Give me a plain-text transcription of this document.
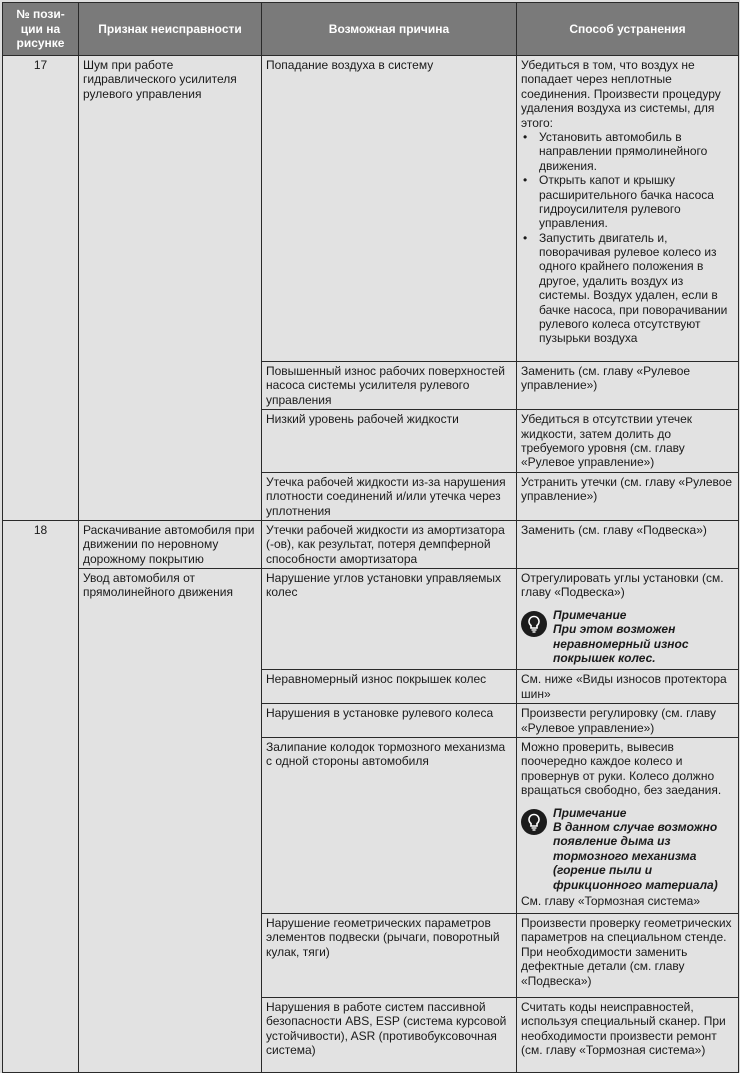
№ пози-ции на рисунке	Признак неисправности	Возможная причина	Способ устранения
17	Шум при работе гидравлического усилителя рулевого управления	Попадание воздуха в систему	Убедиться в том, что воздух не попадает через неплотные соединения. Произвести процедуру удаления воздуха из системы, для этого:

• Установить автомобиль в направлении прямолинейного движения.
• Открыть капот и крышку расширительного бачка насоса гидроусилителя рулевого управления.
• Запустить двигатель и, поворачивая рулевое колесо из одного крайнего положения в другое, удалить воздух из системы. Воздух удален, если в бачке насоса, при поворачивании рулевого колеса отсутствуют пузырьки воздуха

		Повышенный износ рабочих поверхностей насоса системы усилителя рулевого управления	Заменить (см. главу «Рулевое управление»)
		Низкий уровень рабочей жидкости	Убедиться в отсутствии утечек жидкости, затем долить до требуемого уровня (см. главу «Рулевое управление»)
		Утечка рабочей жидкости из-за нарушения плотности соединений и/или утечка через уплотнения	Устранить утечки (см. главу «Рулевое управление»)
18	Раскачивание автомобиля при движении по неровному дорожному покрытию	Утечки рабочей жидкости из амортизатора (-ов), как результат, потеря демпферной способности амортизатора	Заменить (см. главу «Подвеска»)
	Увод автомобиля от прямолинейного движения	Нарушение углов установки управляемых колес	Отрегулировать углы установки (см. главу «Подвеска»)

Примечание
При этом возможен неравномерный износ покрышек колес.

		Неравномерный износ покрышек колес	См. ниже «Виды износов протектора шин»
		Нарушения в установке рулевого колеса	Произвести регулировку (см. главу «Рулевое управление»)
		Залипание колодок тормозного механизма с одной стороны автомобиля	Можно проверить, вывесив поочередно каждое колесо и провернув от руки. Колесо должно вращаться свободно, без заедания.

Примечание
В данном случае возможно появление дыма из тормозного механизма (горение пыли и фрикционного материала)

См. главу «Тормозная система»

		Нарушение геометрических параметров элементов подвески (рычаги, поворотный кулак, тяги)	Произвести проверку геометрических параметров на специальном стенде. При необходимости заменить дефектные детали (см. главу «Подвеска»)
		Нарушения в работе систем пассивной безопасности ABS, ESP (система курсовой устойчивости), ASR (противобуксовочная система)	Считать коды неисправностей, используя специальный сканер. При необходимости произвести ремонт (см. главу «Тормозная система»)
